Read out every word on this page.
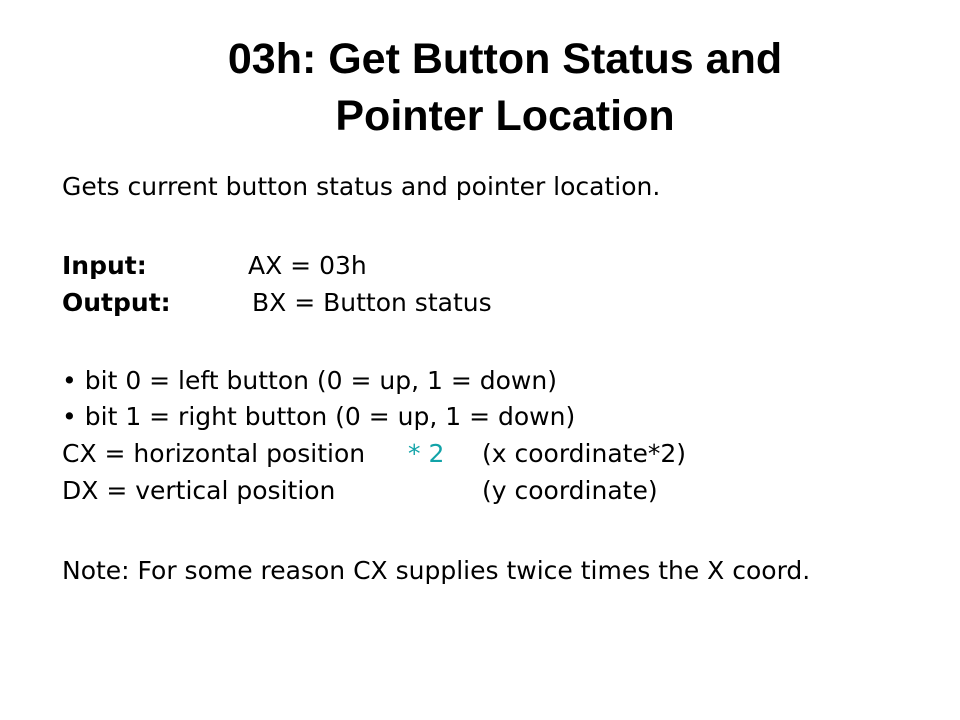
03h: Get Button Status and
Pointer Location
Gets current button status and pointer location.
Input:	AX = 03h
Output:	BX = Button status
• bit 0 = left button (0 = up, 1 = down)
• bit 1 = right button (0 = up, 1 = down)
CX = horizontal position * 2 (x coordinate*2)
DX = vertical position	(y coordinate)
Note: For some reason CX supplies twice times the X coord.
